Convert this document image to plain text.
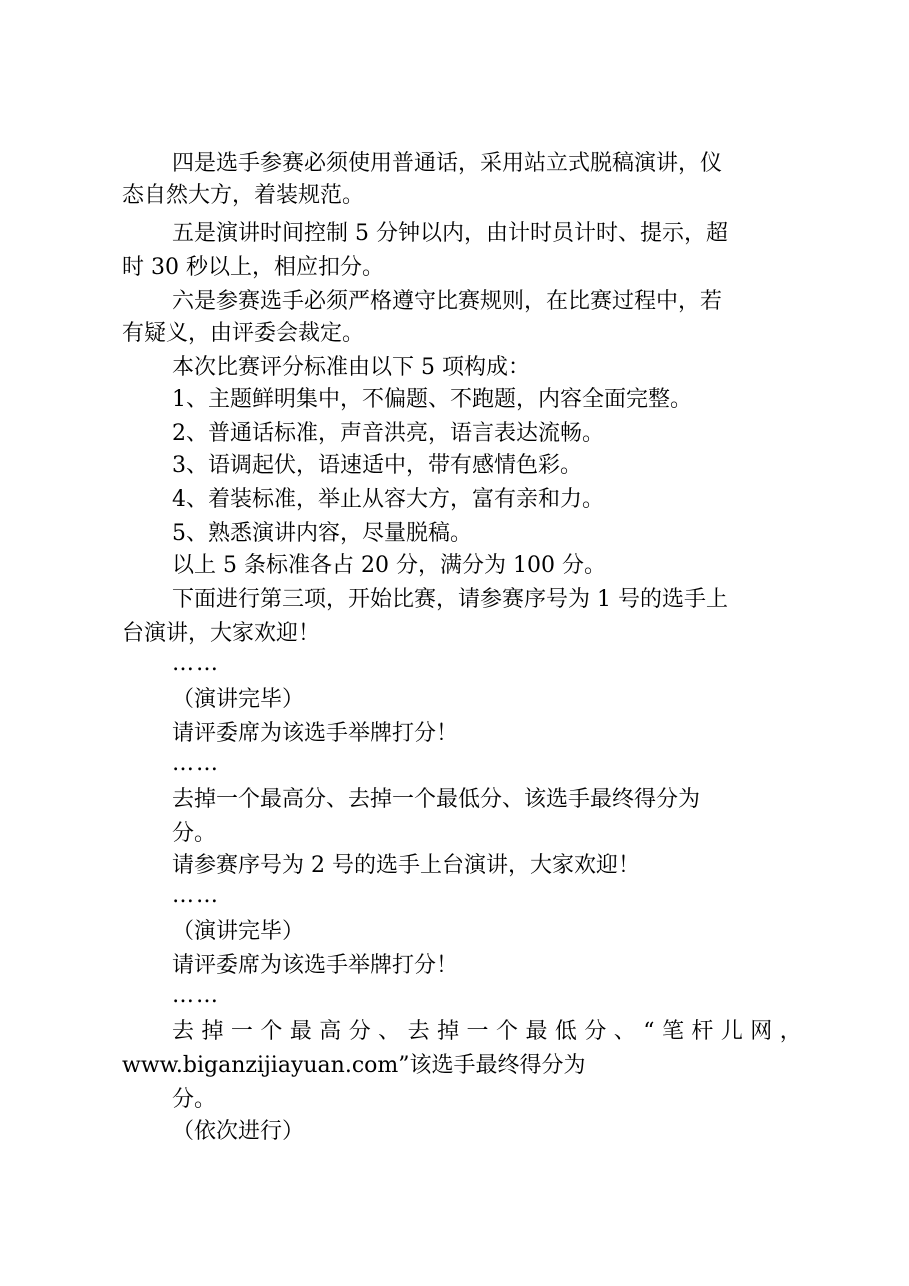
四是选手参赛必须使用普通话，采用站立式脱稿演讲，仪
态自然大方，着装规范。
五是演讲时间控制 5 分钟以内，由计时员计时、提示，超
时 30 秒以上，相应扣分。
六是参赛选手必须严格遵守比赛规则，在比赛过程中，若
有疑义，由评委会裁定。
本次比赛评分标准由以下 5 项构成：
1、主题鲜明集中，不偏题、不跑题，内容全面完整。
2、普通话标准，声音洪亮，语言表达流畅。
3、语调起伏，语速适中，带有感情色彩。
4、着装标准，举止从容大方，富有亲和力。
5、熟悉演讲内容，尽量脱稿。
以上 5 条标准各占 20 分，满分为 100 分。
下面进行第三项，开始比赛，请参赛序号为 1 号的选手上
台演讲，大家欢迎！
……
（演讲完毕）
请评委席为该选手举牌打分！
……
去掉一个最高分、去掉一个最低分、该选手最终得分为
分。
请参赛序号为 2 号的选手上台演讲，大家欢迎！
……
（演讲完毕）
请评委席为该选手举牌打分！
……
去 掉 一 个 最 高 分 、 去 掉 一 个 最 低 分 、 “ 笔 杆 儿 网 ，
www.biganzijiayuan.com”该选手最终得分为
分。
（依次进行）
